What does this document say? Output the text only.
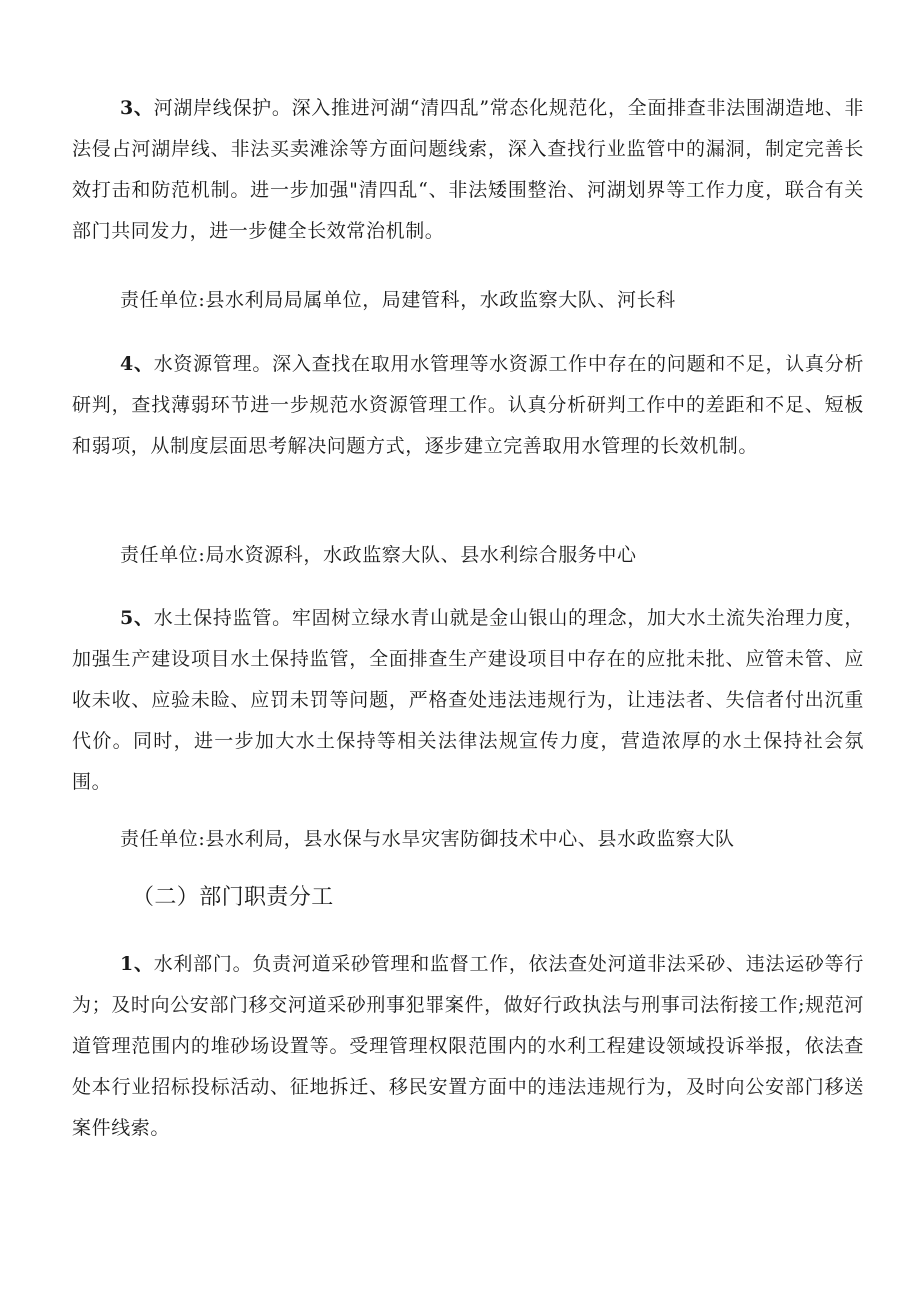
3、河湖岸线保护。深入推进河湖“清四乱”常态化规范化，全面排查非法围湖造地、非法侵占河湖岸线、非法买卖滩涂等方面问题线索，深入查找行业监管中的漏洞，制定完善长效打击和防范机制。进一步加强"清四乱“、非法矮围整治、河湖划界等工作力度，联合有关部门共同发力，进一步健全长效常治机制。

责任单位:县水利局局属单位，局建管科，水政监察大队、河长科

4、水资源管理。深入查找在取用水管理等水资源工作中存在的问题和不足，认真分析研判，查找薄弱环节进一步规范水资源管理工作。认真分析研判工作中的差距和不足、短板和弱项，从制度层面思考解决问题方式，逐步建立完善取用水管理的长效机制。

责任单位:局水资源科，水政监察大队、县水利综合服务中心

5、水土保持监管。牢固树立绿水青山就是金山银山的理念，加大水土流失治理力度，加强生产建设项目水土保持监管，全面排查生产建设项目中存在的应批未批、应管未管、应收未收、应验未睑、应罚未罚等问题，严格查处违法违规行为，让违法者、失信者付出沉重代价。同时，进一步加大水土保持等相关法律法规宣传力度，营造浓厚的水土保持社会氛围。

责任单位:县水利局，县水保与水旱灾害防御技术中心、县水政监察大队

（二）部门职责分工

1、水利部门。负责河道采砂管理和监督工作，依法查处河道非法采砂、违法运砂等行为；及时向公安部门移交河道采砂刑事犯罪案件，做好行政执法与刑事司法衔接工作;规范河道管理范围内的堆砂场设置等。受理管理权限范围内的水利工程建设领域投诉举报，依法查处本行业招标投标活动、征地拆迁、移民安置方面中的违法违规行为，及时向公安部门移送案件线索。
